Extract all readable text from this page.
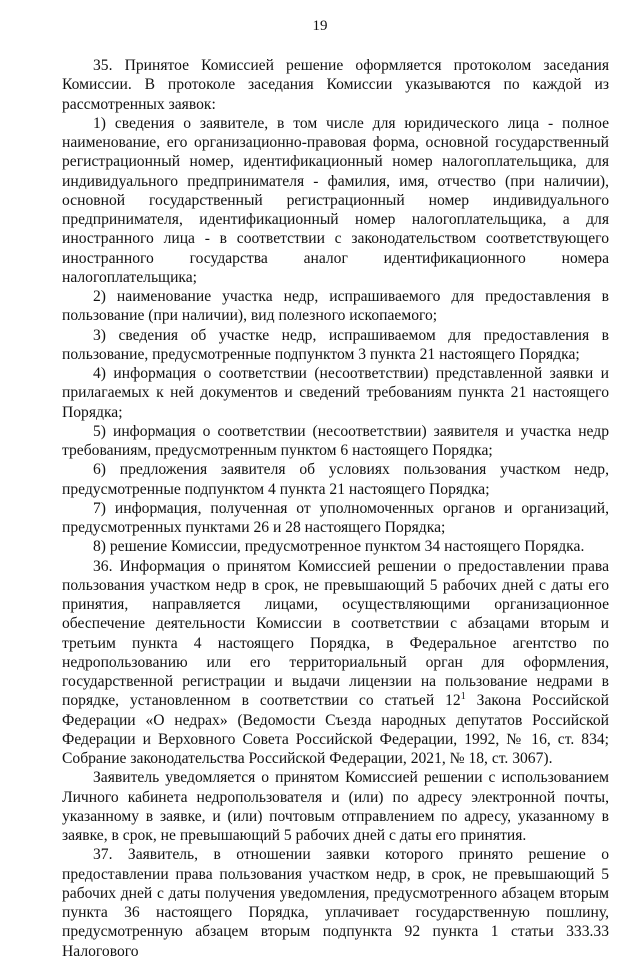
19

35. Принятое Комиссией решение оформляется протоколом заседания Комиссии. В протоколе заседания Комиссии указываются по каждой из рассмотренных заявок:

1) сведения о заявителе, в том числе для юридического лица - полное наименование, его организационно-правовая форма, основной государственный регистрационный номер, идентификационный номер налогоплательщика, для индивидуального предпринимателя - фамилия, имя, отчество (при наличии), основной государственный регистрационный номер индивидуального предпринимателя, идентификационный номер налогоплательщика, а для иностранного лица - в соответствии с законодательством соответствующего иностранного государства аналог идентификационного номера налогоплательщика;

2) наименование участка недр, испрашиваемого для предоставления в пользование (при наличии), вид полезного ископаемого;

3) сведения об участке недр, испрашиваемом для предоставления в пользование, предусмотренные подпунктом 3 пункта 21 настоящего Порядка;

4) информация о соответствии (несоответствии) представленной заявки и прилагаемых к ней документов и сведений требованиям пункта 21 настоящего Порядка;

5) информация о соответствии (несоответствии) заявителя и участка недр требованиям, предусмотренным пунктом 6 настоящего Порядка;

6) предложения заявителя об условиях пользования участком недр, предусмотренные подпунктом 4 пункта 21 настоящего Порядка;

7) информация, полученная от уполномоченных органов и организаций, предусмотренных пунктами 26 и 28 настоящего Порядка;

8) решение Комиссии, предусмотренное пунктом 34 настоящего Порядка.

36. Информация о принятом Комиссией решении о предоставлении права пользования участком недр в срок, не превышающий 5 рабочих дней с даты его принятия, направляется лицами, осуществляющими организационное обеспечение деятельности Комиссии в соответствии с абзацами вторым и третьим пункта 4 настоящего Порядка, в Федеральное агентство по недропользованию или его территориальный орган для оформления, государственной регистрации и выдачи лицензии на пользование недрами в порядке, установленном в соответствии со статьей $12^1$ Закона Российской Федерации «О недрах» (Ведомости Съезда народных депутатов Российской Федерации и Верховного Совета Российской Федерации, 1992, № 16, ст. 834; Собрание законодательства Российской Федерации, 2021, № 18, ст. 3067).

Заявитель уведомляется о принятом Комиссией решении с использованием Личного кабинета недропользователя и (или) по адресу электронной почты, указанному в заявке, и (или) почтовым отправлением по адресу, указанному в заявке, в срок, не превышающий 5 рабочих дней с даты его принятия.

37. Заявитель, в отношении заявки которого принято решение о предоставлении права пользования участком недр, в срок, не превышающий 5 рабочих дней с даты получения уведомления, предусмотренного абзацем вторым пункта 36 настоящего Порядка, уплачивает государственную пошлину, предусмотренную абзацем вторым подпункта 92 пункта 1 статьи 333.33 Налогового
